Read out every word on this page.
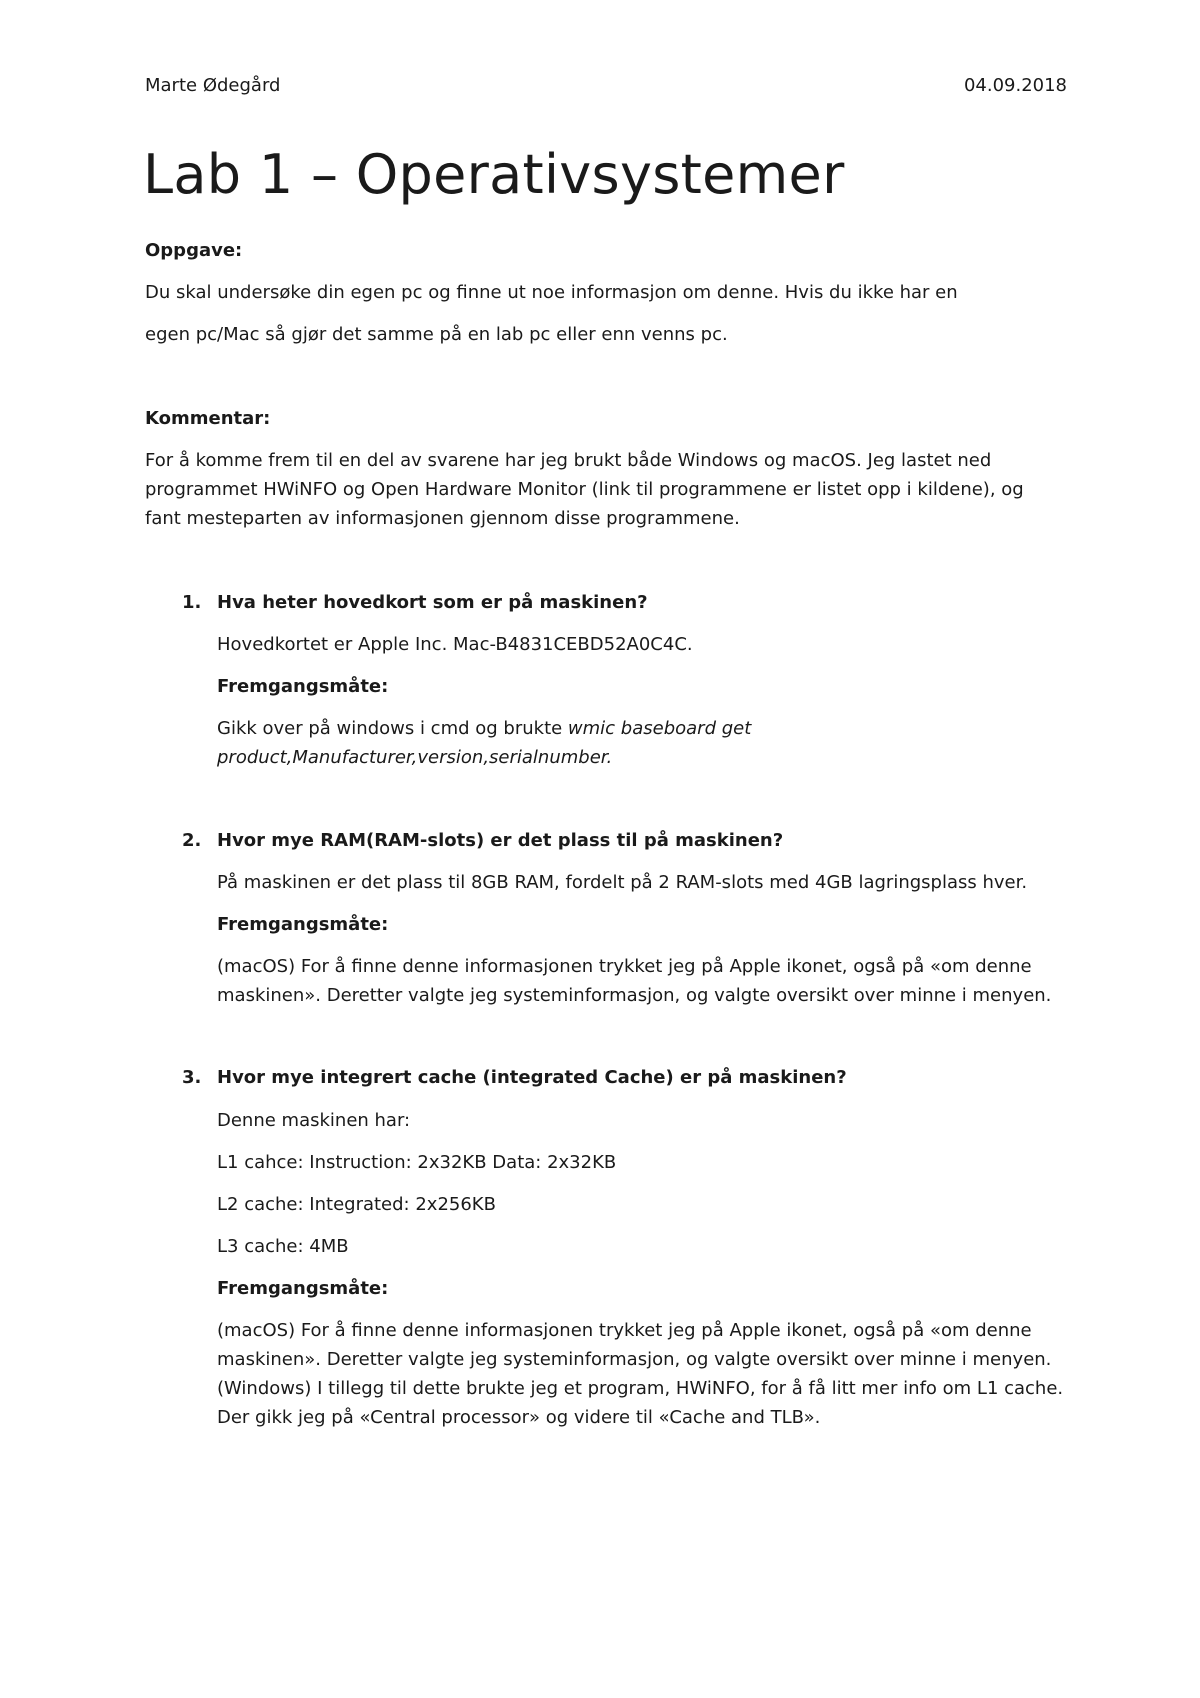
Marte Ødegård	04.09.2018
Lab 1 – Operativsystemer

Oppgave:

Du skal undersøke din egen pc og finne ut noe informasjon om denne. Hvis du ikke har en

egen pc/Mac så gjør det samme på en lab pc eller enn venns pc.

Kommentar:

For å komme frem til en del av svarene har jeg brukt både Windows og macOS. Jeg lastet ned

programmet HWiNFO og Open Hardware Monitor (link til programmene er listet opp i kildene), og

fant mesteparten av informasjonen gjennom disse programmene.

1. Hva heter hovedkort som er på maskinen?

Hovedkortet er Apple Inc. Mac-B4831CEBD52A0C4C.

Fremgangsmåte:

Gikk over på windows i cmd og brukte wmic baseboard get

product,Manufacturer,version,serialnumber.

2. Hvor mye RAM(RAM-slots) er det plass til på maskinen?

På maskinen er det plass til 8GB RAM, fordelt på 2 RAM-slots med 4GB lagringsplass hver.

Fremgangsmåte:

(macOS) For å finne denne informasjonen trykket jeg på Apple ikonet, også på «om denne

maskinen». Deretter valgte jeg systeminformasjon, og valgte oversikt over minne i menyen.

3. Hvor mye integrert cache (integrated Cache) er på maskinen?

Denne maskinen har:

L1 cahce: Instruction: 2x32KB Data: 2x32KB

L2 cache: Integrated: 2x256KB

L3 cache: 4MB

Fremgangsmåte:

(macOS) For å finne denne informasjonen trykket jeg på Apple ikonet, også på «om denne

maskinen». Deretter valgte jeg systeminformasjon, og valgte oversikt over minne i menyen.

(Windows) I tillegg til dette brukte jeg et program, HWiNFO, for å få litt mer info om L1 cache.

Der gikk jeg på «Central processor» og videre til «Cache and TLB».
